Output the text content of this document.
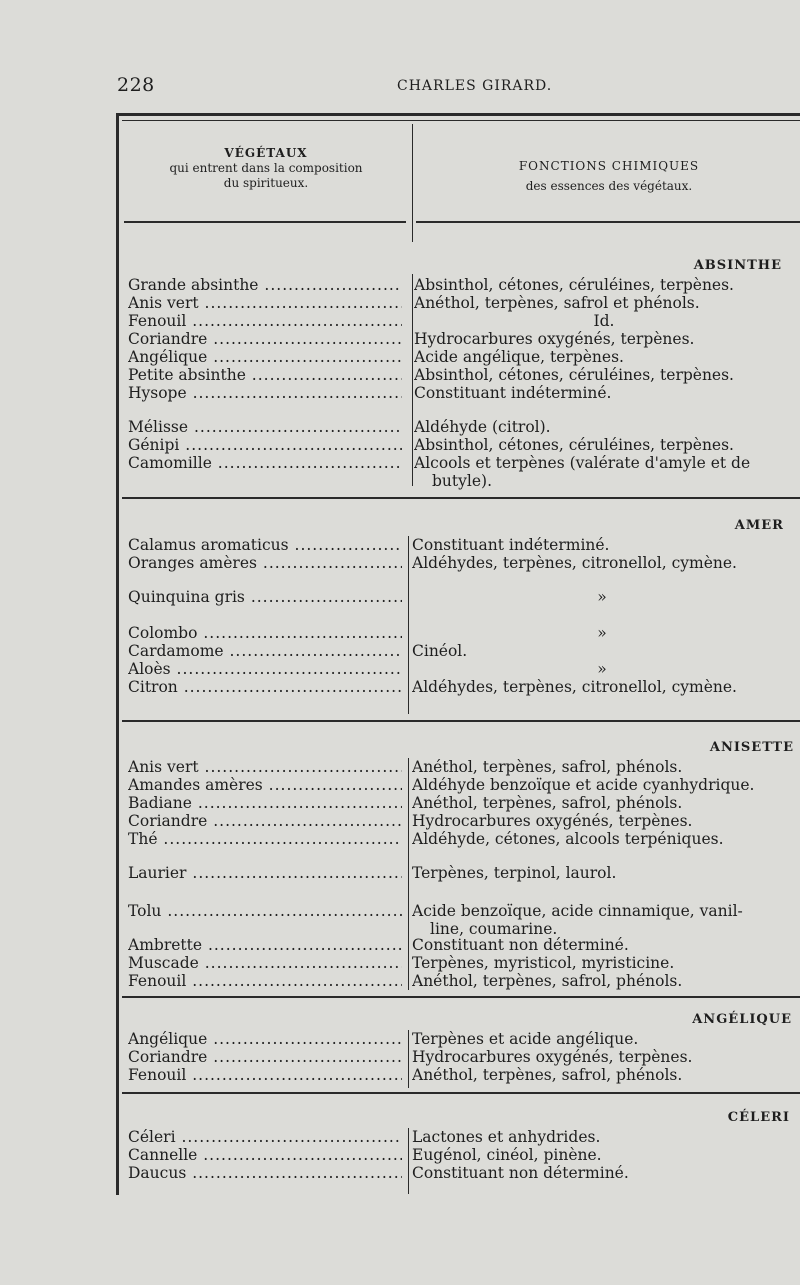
228	CHARLES GIRARD.
VÉGÉTAUX
qui entrent dans la composition
du spiritueux.
FONCTIONS CHIMIQUES
des essences des végétaux.
ABSINTHE
Grande absinthe .....	Absinthol, cétones, céruléines, terpènes.
Anis vert .....	Anéthol, terpènes, safrol et phénols.
Fenouil .....	Id.
Coriandre .....	Hydrocarbures oxygénés, terpènes.
Angélique .....	Acide angélique, terpènes.
Petite absinthe .....	Absinthol, cétones, céruléines, terpènes.
Hysope .....	Constituant indéterminé.
Mélisse .....	Aldéhyde (citrol).
Génipi .....	Absinthol, cétones, céruléines, terpènes.
Camomille .....	Alcools et terpènes (valérate d'amyle et de
butyle).
AMER
Calamus aromaticus .....	Constituant indéterminé.
Oranges amères .....	Aldéhydes, terpènes, citronellol, cymène.
Quinquina gris .....	»
Colombo .....	»
Cardamome .....	Cinéol.
Aloès .....	»
Citron .....	Aldéhydes, terpènes, citronellol, cymène.
ANISETTE
Anis vert .....	Anéthol, terpènes, safrol, phénols.
Amandes amères .....	Aldéhyde benzoïque et acide cyanhydrique.
Badiane .....	Anéthol, terpènes, safrol, phénols.
Coriandre .....	Hydrocarbures oxygénés, terpènes.
Thé .....	Aldéhyde, cétones, alcools terpéniques.
Laurier .....	Terpènes, terpinol, laurol.
Tolu .....	Acide benzoïque, acide cinnamique, vanil-
line, coumarine.
Ambrette .....	Constituant non déterminé.
Muscade .....	Terpènes, myristicol, myristicine.
Fenouil .....	Anéthol, terpènes, safrol, phénols.
ANGÉLIQUE
Angélique .....	Terpènes et acide angélique.
Coriandre .....	Hydrocarbures oxygénés, terpènes.
Fenouil .....	Anéthol, terpènes, safrol, phénols.
CÉLERI
Céleri .....	Lactones et anhydrides.
Cannelle .....	Eugénol, cinéol, pinène.
Daucus .....	Constituant non déterminé.
